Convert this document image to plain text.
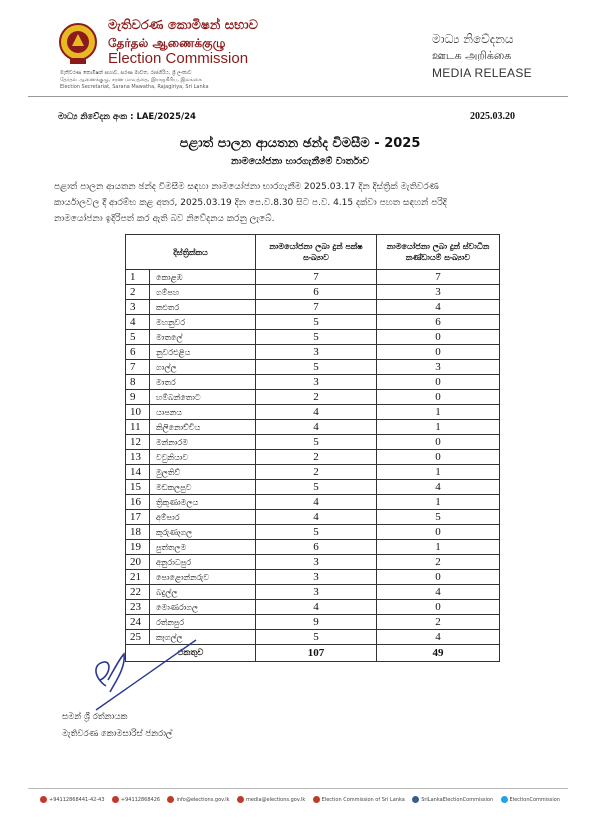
මැතිවරණ කොමිෂන් සභාව
தேர்தல் ஆணைக்குழு
Election Commission
මැතිවරණ කොමිෂන් සභාව, සරණ මාවත, රාජගිරිය, ශ්‍රී ලංකාව
தேர்தல் ஆணைக்குழு, சரண மாவத்தை, இராஜகிரிய, இலங்கை
Election Secretariat, Sarana Mawatha, Rajagiriya, Sri Lanka
මාධ්‍ය නිවේදනය
ஊடக அறிக்கை
MEDIA RELEASE
මාධ්‍ය නිවේදන අංක : LAE/2025/24	2025.03.20
පළාත් පාලන ආයතන ඡන්ද විමසීම - 2025
නාමයෝජනා භාරගැනීමේ වාර්තාව
පළාත් පාලන ආයතන ඡන්ද විමසීම සඳහා නාමයෝජනා භාරගැනීම 2025.03.17 දින දිස්ත්‍රික් මැතිවරණ
කාර්යාලවල දී ආරම්භ කළ අතර, 2025.03.19 දින පෙ.ව.8.30 සිට ප.ව. 4.15 දක්වා පහත සඳහන් පරිදි
නාමයෝජනා ඉදිරිපත් කර ඇති බව නිවේදනය කරනු ලැබේ.
දිස්ත්‍රික්කය		නාමයෝජනා ලබා දුන් පක්ෂ සංඛ්‍යාව	නාමයෝජනා ලබා දුන් ස්වාධීන කණ්ඩායම් සංඛ්‍යාව
1	කොළඹ	7	7
2	ගම්පහ	6	3
3	කළුතර	7	4
4	මහනුවර	5	6
5	මාතලේ	5	0
6	නුවරඑළිය	3	0
7	ගාල්ල	5	3
8	මාතර	3	0
9	හම්බන්තොට	2	0
10	යාපනය	4	1
11	කිලිනොච්චිය	4	1
12	මන්නාරම	5	0
13	වවුනියාව	2	0
14	මුලතිව්	2	1
15	මඩකලපුව	5	4
16	ත්‍රිකුණාමලය	4	1
17	අම්පාර	4	5
18	කුරුණෑගල	5	0
19	පුත්තලම	6	1
20	අනුරාධපුර	3	2
21	පොළොන්නරුව	3	0
22	බදුල්ල	3	4
23	මොණරාගල	4	0
24	රත්නපුර	9	2
25	කෑගල්ල	5	4
එකතුව		107	49
සමන් ශ්‍රී රත්නායක
මැතිවරණ කොමසාරිස් ජනරාල්
+94112868441-42-43	+94112868426	info@elections.gov.lk	media@elections.gov.lk	Election Commission of Sri Lanka	SriLankaElectionCommission	ElectionCommission
